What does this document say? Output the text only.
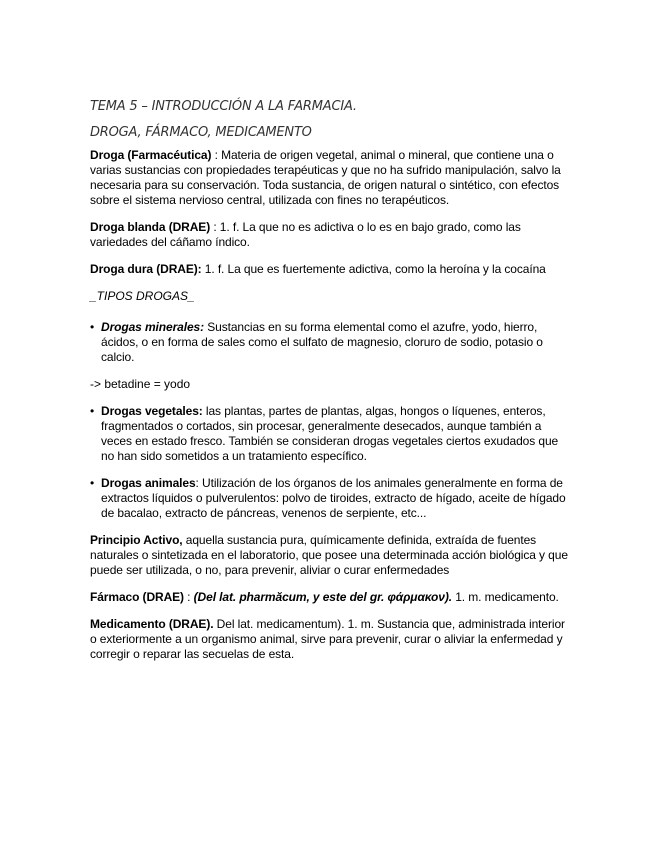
TEMA 5 – INTRODUCCIÓN A LA FARMACIA.
DROGA, FÁRMACO, MEDICAMENTO

Droga (Farmacéutica) : Materia de origen vegetal, animal o mineral, que contiene una o varias sustancias con propiedades terapéuticas y que no ha sufrido manipulación, salvo la necesaria para su conservación. Toda sustancia, de origen natural o sintético, con efectos sobre el sistema nervioso central, utilizada con fines no terapéuticos.

Droga blanda (DRAE) : 1. f. La que no es adictiva o lo es en bajo grado, como las variedades del cáñamo índico.

Droga dura (DRAE): 1. f. La que es fuertemente adictiva, como la heroína y la cocaína

_TIPOS DROGAS_
• Drogas minerales: Sustancias en su forma elemental como el azufre, yodo, hierro, ácidos, o en forma de sales como el sulfato de magnesio, cloruro de sodio, potasio o calcio.
-> betadine = yodo
• Drogas vegetales: las plantas, partes de plantas, algas, hongos o líquenes, enteros, fragmentados o cortados, sin procesar, generalmente desecados, aunque también a veces en estado fresco. También se consideran drogas vegetales ciertos exudados que no han sido sometidos a un tratamiento específico.
• Drogas animales: Utilización de los órganos de los animales generalmente en forma de extractos líquidos o pulverulentos: polvo de tiroides, extracto de hígado, aceite de hígado de bacalao, extracto de páncreas, venenos de serpiente, etc...

Principio Activo, aquella sustancia pura, químicamente definida, extraída de fuentes naturales o sintetizada en el laboratorio, que posee una determinada acción biológica y que puede ser utilizada, o no, para prevenir, aliviar o curar enfermedades

Fármaco (DRAE) : (Del lat. pharmăcum, y este del gr. φάρμακον). 1. m. medicamento.

Medicamento (DRAE). Del lat. medicamentum). 1. m. Sustancia que, administrada interior o exteriormente a un organismo animal, sirve para prevenir, curar o aliviar la enfermedad y corregir o reparar las secuelas de esta.
